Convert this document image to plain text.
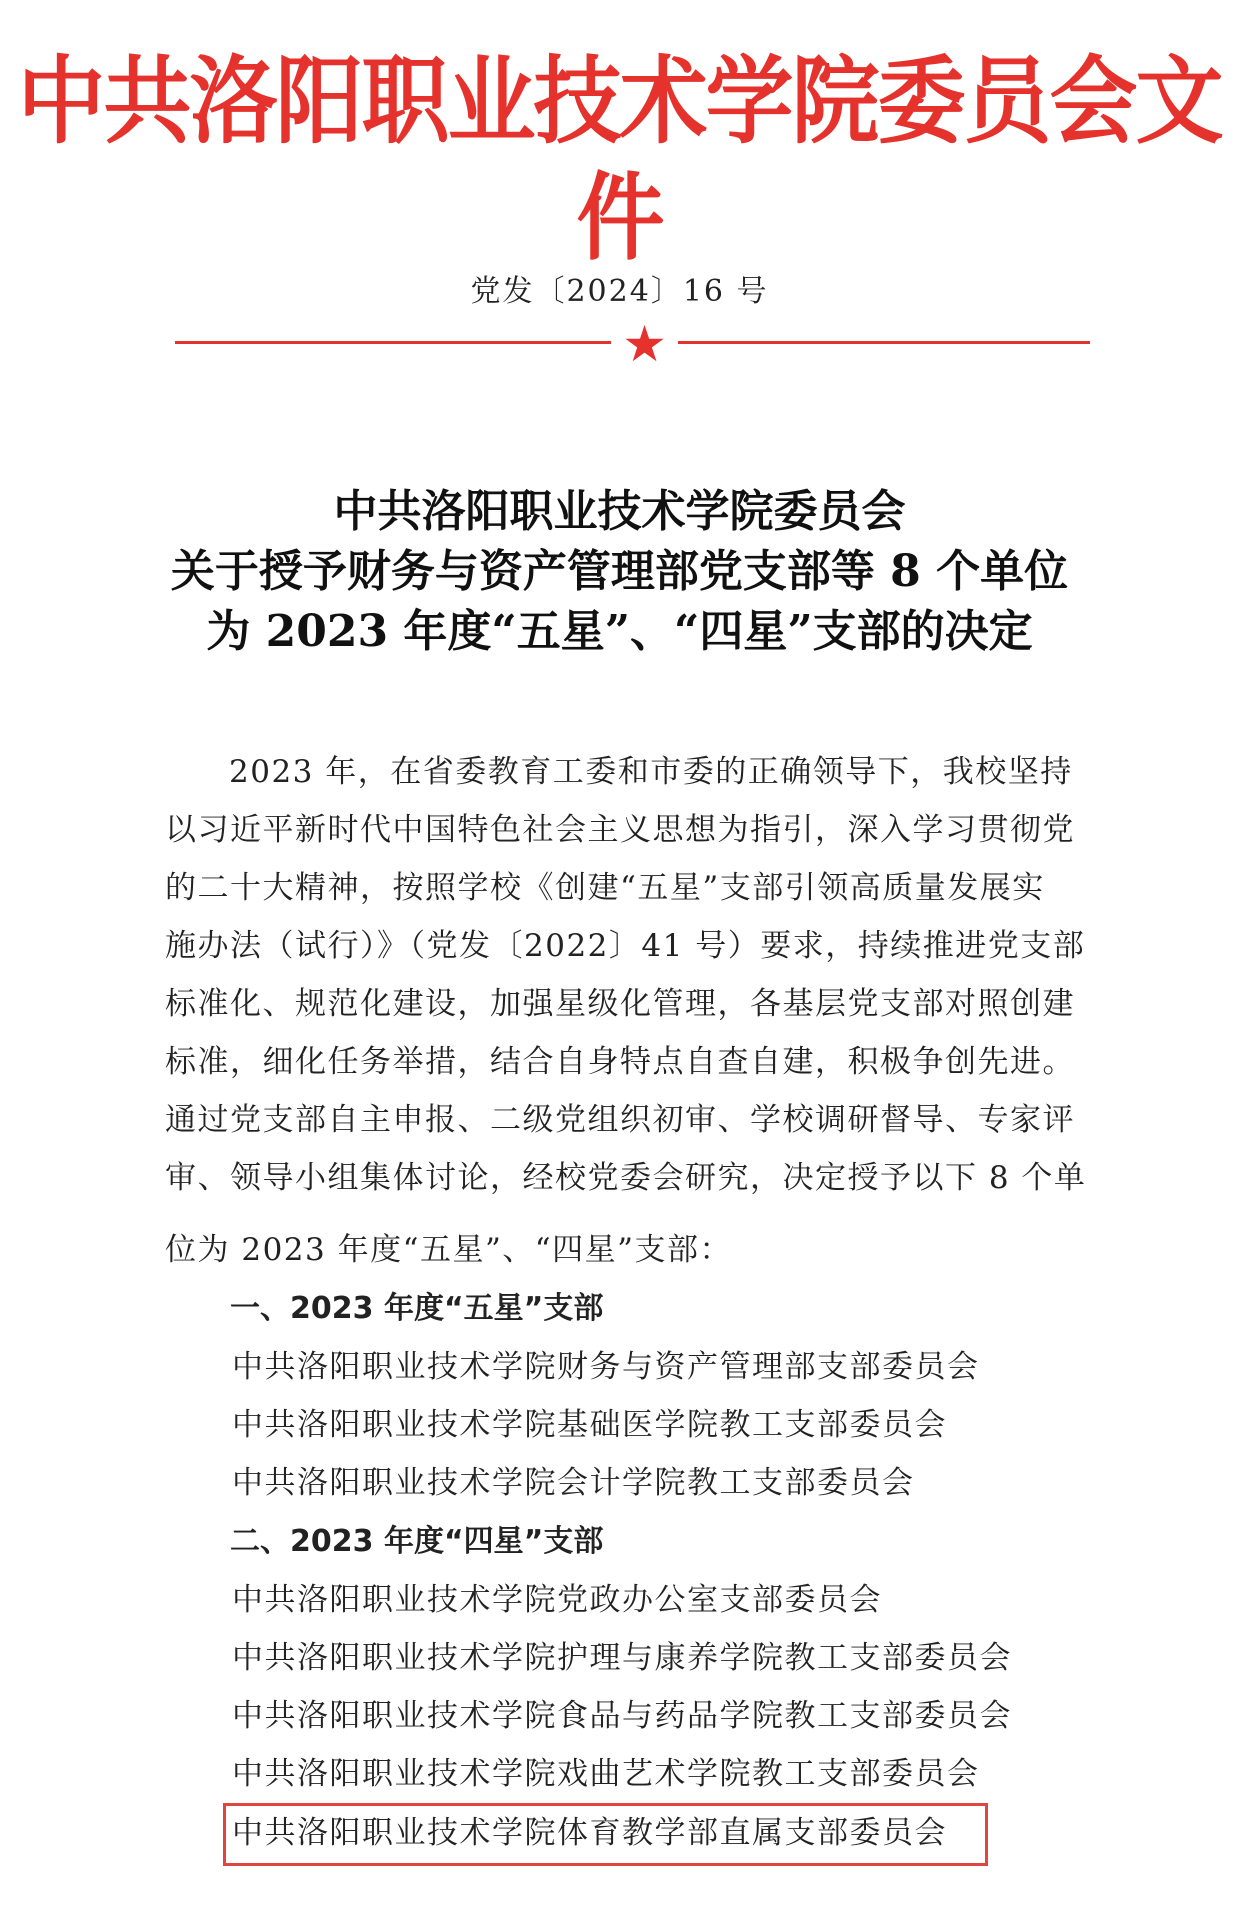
中共洛阳职业技术学院委员会文件
党发〔2024〕16 号
★
中共洛阳职业技术学院委员会
关于授予财务与资产管理部党支部等 8 个单位
为 2023 年度“五星”、“四星”支部的决定
2023 年，在省委教育工委和市委的正确领导下，我校坚持
以习近平新时代中国特色社会主义思想为指引，深入学习贯彻党
的二十大精神，按照学校《创建“五星”支部引领高质量发展实
施办法（试行）》（党发〔2022〕41 号）要求，持续推进党支部
标准化、规范化建设，加强星级化管理，各基层党支部对照创建
标准，细化任务举措，结合自身特点自查自建，积极争创先进。
通过党支部自主申报、二级党组织初审、学校调研督导、专家评
审、领导小组集体讨论，经校党委会研究，决定授予以下 8 个单
位为 2023 年度“五星”、“四星”支部：
一、2023 年度“五星”支部
中共洛阳职业技术学院财务与资产管理部支部委员会
中共洛阳职业技术学院基础医学院教工支部委员会
中共洛阳职业技术学院会计学院教工支部委员会
二、2023 年度“四星”支部
中共洛阳职业技术学院党政办公室支部委员会
中共洛阳职业技术学院护理与康养学院教工支部委员会
中共洛阳职业技术学院食品与药品学院教工支部委员会
中共洛阳职业技术学院戏曲艺术学院教工支部委员会
中共洛阳职业技术学院体育教学部直属支部委员会
